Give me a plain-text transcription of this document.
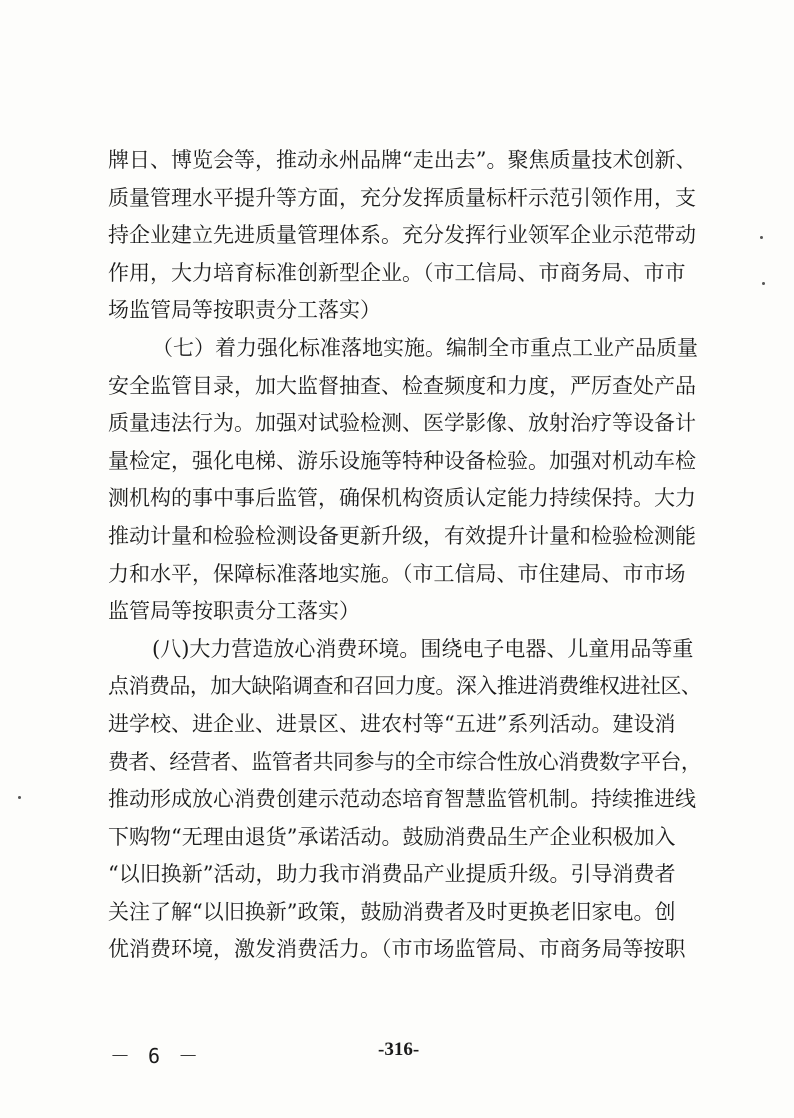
牌日、博览会等，推动永州品牌“走出去”。聚焦质量技术创新、
质量管理水平提升等方面，充分发挥质量标杆示范引领作用，支
持企业建立先进质量管理体系。充分发挥行业领军企业示范带动
作用，大力培育标准创新型企业。（市工信局、市商务局、市市
场监管局等按职责分工落实）
（七）着力强化标准落地实施。编制全市重点工业产品质量
安全监管目录，加大监督抽查、检查频度和力度，严厉查处产品
质量违法行为。加强对试验检测、医学影像、放射治疗等设备计
量检定，强化电梯、游乐设施等特种设备检验。加强对机动车检
测机构的事中事后监管，确保机构资质认定能力持续保持。大力
推动计量和检验检测设备更新升级，有效提升计量和检验检测能
力和水平，保障标准落地实施。（市工信局、市住建局、市市场
监管局等按职责分工落实）
(八)大力营造放心消费环境。围绕电子电器、儿童用品等重
点消费品，加大缺陷调查和召回力度。深入推进消费维权进社区、
进学校、进企业、进景区、进农村等“五进”系列活动。建设消
费者、经营者、监管者共同参与的全市综合性放心消费数字平台，
推动形成放心消费创建示范动态培育智慧监管机制。持续推进线
下购物“无理由退货”承诺活动。鼓励消费品生产企业积极加入
“以旧换新”活动，助力我市消费品产业提质升级。引导消费者
关注了解“以旧换新”政策，鼓励消费者及时更换老旧家电。创
优消费环境，激发消费活力。（市市场监管局、市商务局等按职
－ 6 －	-316-
